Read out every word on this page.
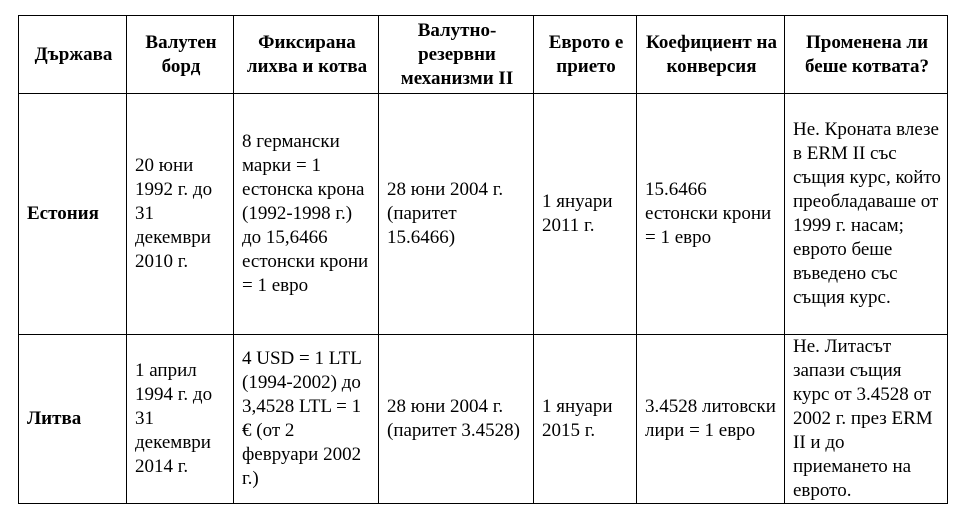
Държава	Валутен борд	Фиксирана лихва и котва	Валутно-резервни механизми II	Еврото е прието	Коефициент на конверсия	Променена ли беше котвата?
Естония	20 юни 1992 г. до 31 декември 2010 г.	8 германски марки = 1 естонска крона (1992-1998 г.) до 15,6466 естонски крони = 1 евро	28 юни 2004 г. (паритет 15.6466)	1 януари 2011 г.	15.6466 естонски крони = 1 евро	Не. Кроната влезе в ERM II със същия курс, който преобладаваше от 1999 г. насам; еврото беше въведено със същия курс.
Литва	1 април 1994 г. до 31 декември 2014 г.	4 USD = 1 LTL (1994-2002) до 3,4528 LTL = 1 € (от 2 февруари 2002 г.)	28 юни 2004 г. (паритет 3.4528)	1 януари 2015 г.	3.4528 литовски лири = 1 евро	Не. Литасът запази същия курс от 3.4528 от 2002 г. през ERM II и до приемането на еврото.
